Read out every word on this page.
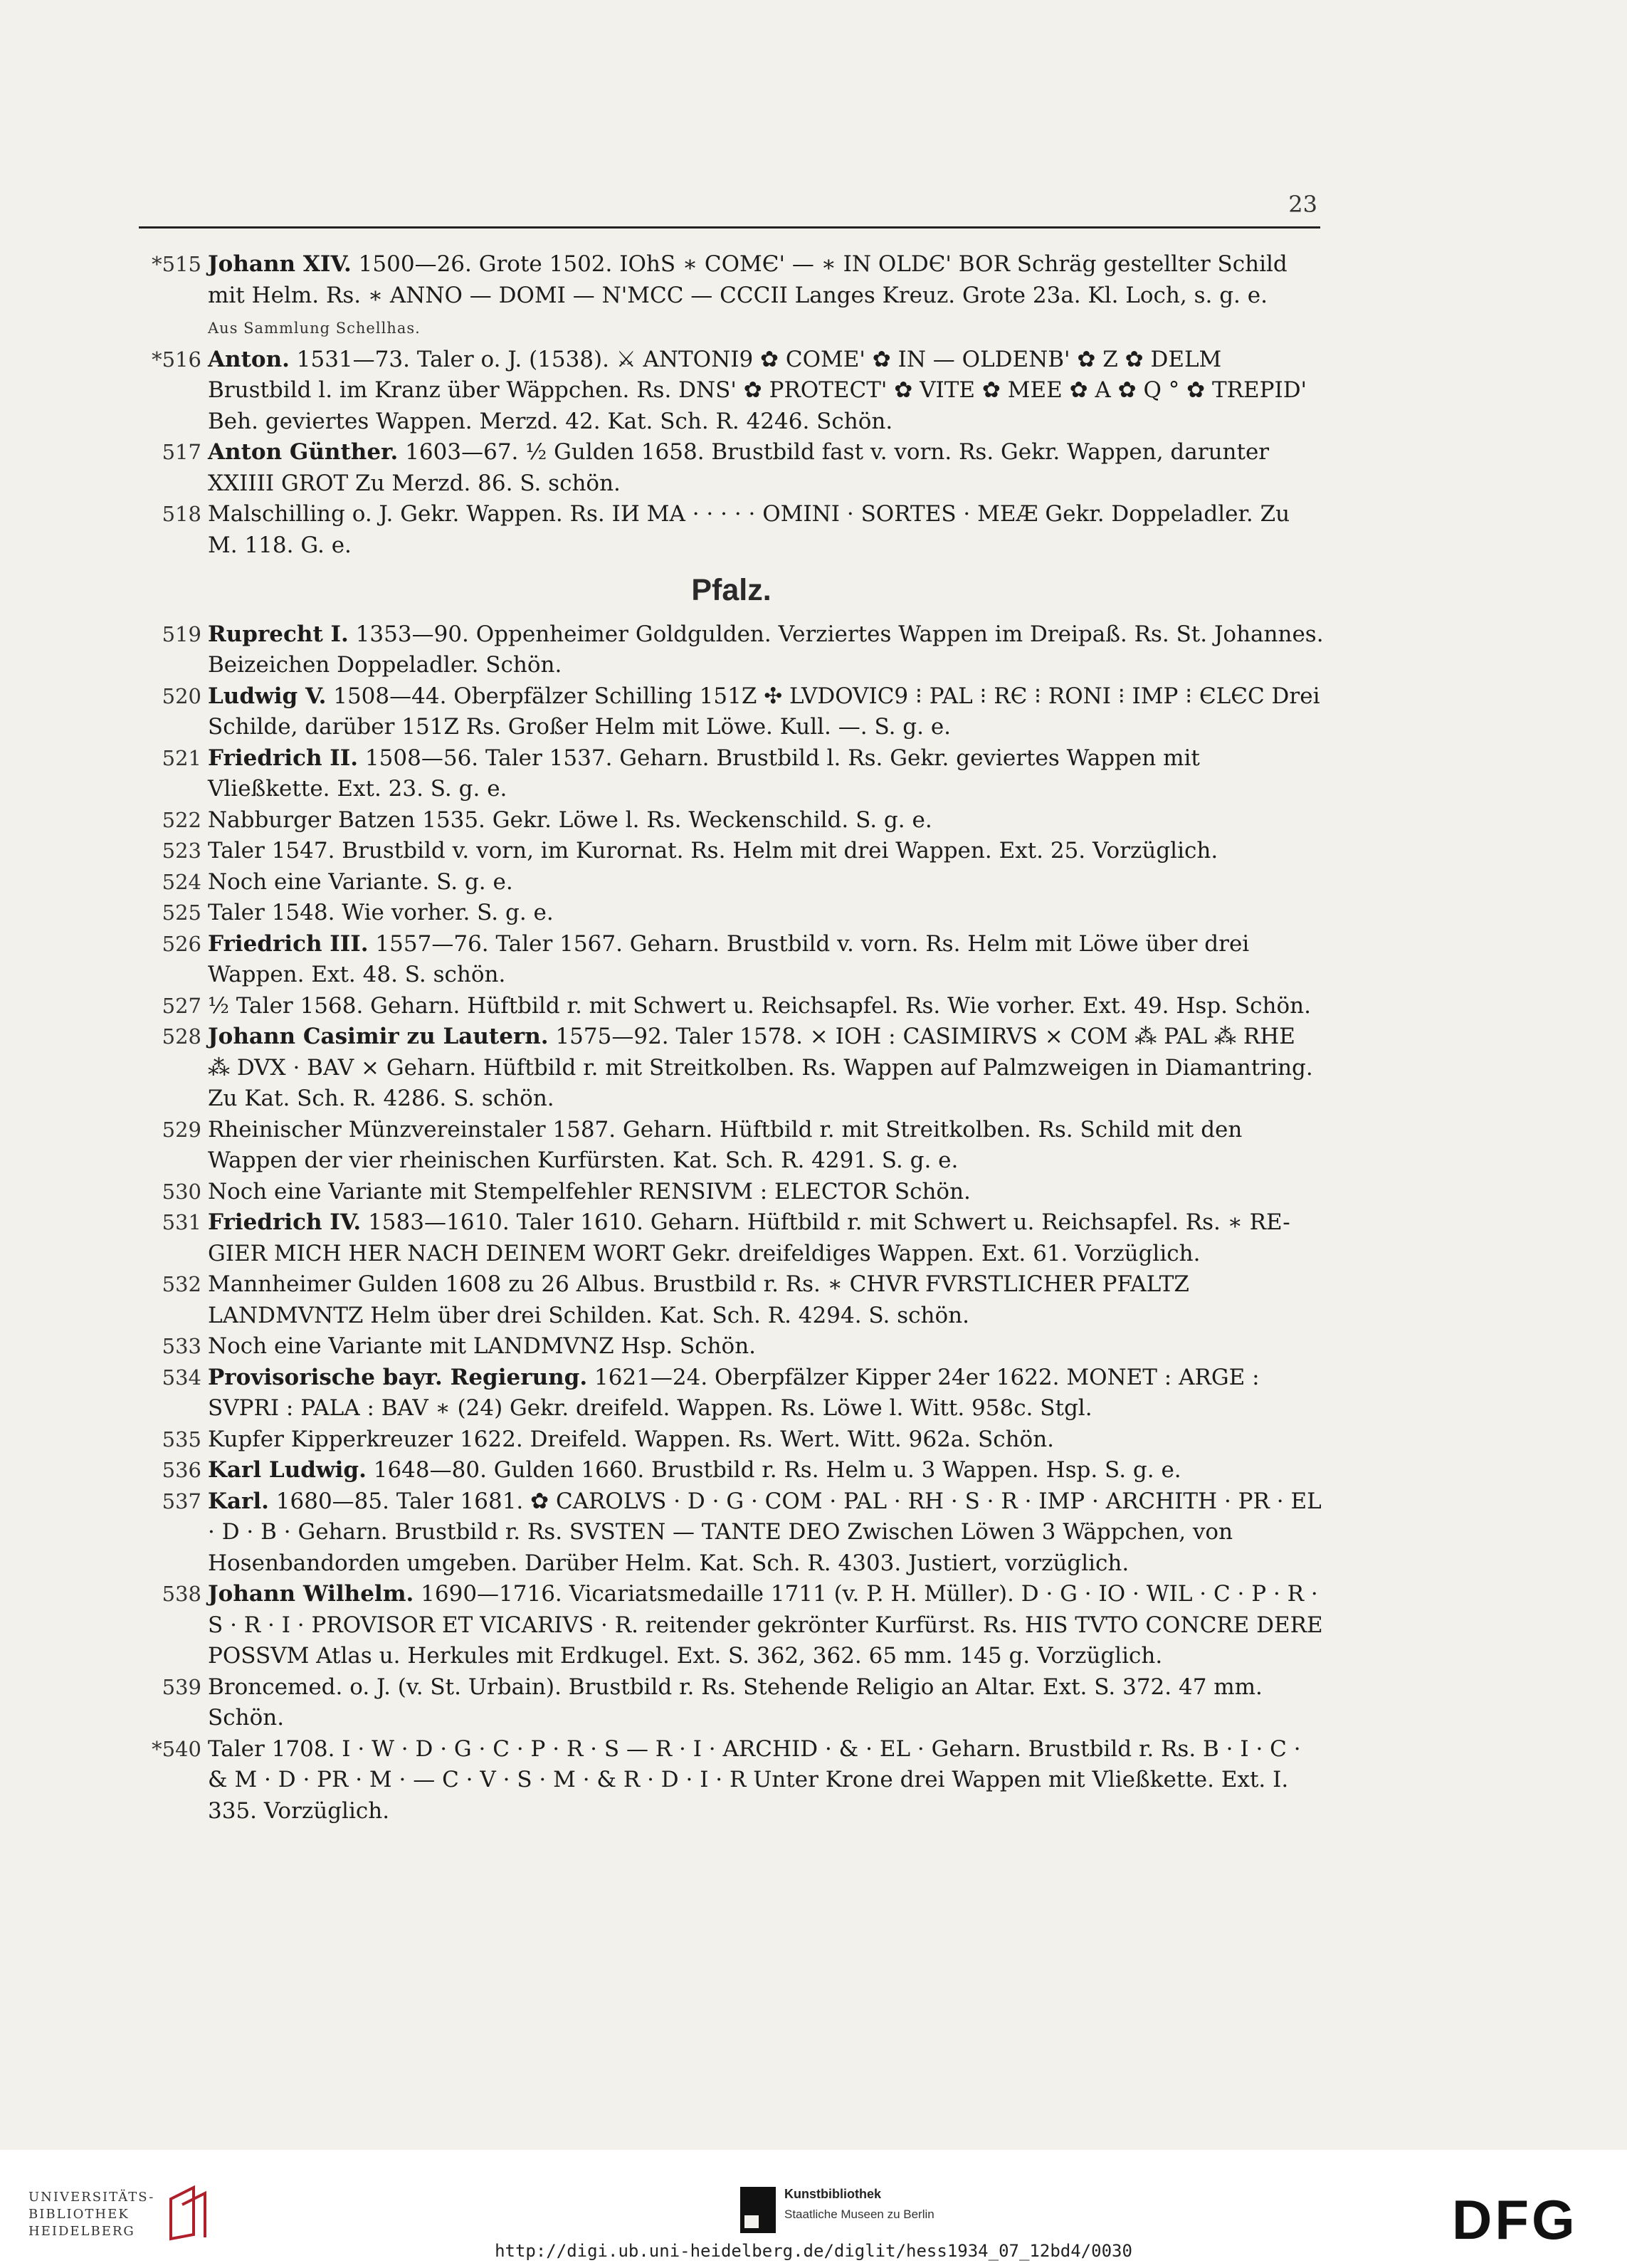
23
*515 Johann XIV. 1500—26. Grote 1502. IOhS ∗ COMЄ' — ∗ IN OLDЄ' BOR Schräg gestellter Schild mit Helm. Rs. ∗ ANNO — DOMI — N'MCC — CCCII Langes Kreuz. Grote 23a. Kl. Loch, s. g. e.
Aus Sammlung Schellhas.
*516 Anton. 1531—73. Taler o. J. (1538). ⚔ ANTONI9 ✿ COME' ✿ IN — OLDENB' ✿ Z ✿ DELM Brustbild l. im Kranz über Wäppchen. Rs. DNS' ✿ PROTECT' ✿ VITE ✿ MEE ✿ A ✿ Q ° ✿ TREPID' Beh. geviertes Wappen. Merzd. 42. Kat. Sch. R. 4246. Schön.
517 Anton Günther. 1603—67. ½ Gulden 1658. Brustbild fast v. vorn. Rs. Gekr. Wappen, darunter XXIIII GROT Zu Merzd. 86. S. schön.
518 Malschilling o. J. Gekr. Wappen. Rs. IИ MA · · · · · OMINI · SORTES · MEÆ Gekr. Doppeladler. Zu M. 118. G. e.
Pfalz.
519 Ruprecht I. 1353—90. Oppenheimer Goldgulden. Verziertes Wappen im Dreipaß. Rs. St. Johannes. Beizeichen Doppeladler. Schön.
520 Ludwig V. 1508—44. Oberpfälzer Schilling 151Z ✣ LVDOVIC9 ⁝ PAL ⁝ RЄ ⁝ RONI ⁝ IMP ⁝ ЄLЄC Drei Schilde, darüber 151Z Rs. Großer Helm mit Löwe. Kull. —. S. g. e.
521 Friedrich II. 1508—56. Taler 1537. Geharn. Brustbild l. Rs. Gekr. geviertes Wappen mit Vließkette. Ext. 23. S. g. e.
522 Nabburger Batzen 1535. Gekr. Löwe l. Rs. Weckenschild. S. g. e.
523 Taler 1547. Brustbild v. vorn, im Kurornat. Rs. Helm mit drei Wappen. Ext. 25. Vorzüglich.
524 Noch eine Variante. S. g. e.
525 Taler 1548. Wie vorher. S. g. e.
526 Friedrich III. 1557—76. Taler 1567. Geharn. Brustbild v. vorn. Rs. Helm mit Löwe über drei Wappen. Ext. 48. S. schön.
527 ½ Taler 1568. Geharn. Hüftbild r. mit Schwert u. Reichsapfel. Rs. Wie vorher. Ext. 49. Hsp. Schön.
528 Johann Casimir zu Lautern. 1575—92. Taler 1578. × IOH : CASIMIRVS × COM ⁂ PAL ⁂ RHE ⁂ DVX · BAV × Geharn. Hüftbild r. mit Streitkolben. Rs. Wappen auf Palmzweigen in Diamantring. Zu Kat. Sch. R. 4286. S. schön.
529 Rheinischer Münzvereinstaler 1587. Geharn. Hüftbild r. mit Streitkolben. Rs. Schild mit den Wappen der vier rheinischen Kurfürsten. Kat. Sch. R. 4291. S. g. e.
530 Noch eine Variante mit Stempelfehler RENSIVM : ELECTOR Schön.
531 Friedrich IV. 1583—1610. Taler 1610. Geharn. Hüftbild r. mit Schwert u. Reichsapfel. Rs. ∗ RE-GIER MICH HER NACH DEINEM WORT Gekr. dreifeldiges Wappen. Ext. 61. Vorzüglich.
532 Mannheimer Gulden 1608 zu 26 Albus. Brustbild r. Rs. ∗ CHVR FVRSTLICHER PFALTZ LANDMVNTZ Helm über drei Schilden. Kat. Sch. R. 4294. S. schön.
533 Noch eine Variante mit LANDMVNZ Hsp. Schön.
534 Provisorische bayr. Regierung. 1621—24. Oberpfälzer Kipper 24er 1622. MONET : ARGE : SVPRI : PALA : BAV ∗ (24) Gekr. dreifeld. Wappen. Rs. Löwe l. Witt. 958c. Stgl.
535 Kupfer Kipperkreuzer 1622. Dreifeld. Wappen. Rs. Wert. Witt. 962a. Schön.
536 Karl Ludwig. 1648—80. Gulden 1660. Brustbild r. Rs. Helm u. 3 Wappen. Hsp. S. g. e.
537 Karl. 1680—85. Taler 1681. ✿ CAROLVS · D · G · COM · PAL · RH · S · R · IMP · ARCHITH · PR · EL · D · B · Geharn. Brustbild r. Rs. SVSTEN — TANTE DEO Zwischen Löwen 3 Wäppchen, von Hosenbandorden umgeben. Darüber Helm. Kat. Sch. R. 4303. Justiert, vorzüglich.
538 Johann Wilhelm. 1690—1716. Vicariatsmedaille 1711 (v. P. H. Müller). D · G · IO · WIL · C · P · R · S · R · I · PROVISOR ET VICARIVS · R. reitender gekrönter Kurfürst. Rs. HIS TVTO CONCRE DERE POSSVM Atlas u. Herkules mit Erdkugel. Ext. S. 362, 362. 65 mm. 145 g. Vorzüglich.
539 Broncemed. o. J. (v. St. Urbain). Brustbild r. Rs. Stehende Religio an Altar. Ext. S. 372. 47 mm. Schön.
*540 Taler 1708. I · W · D · G · C · P · R · S — R · I · ARCHID · & · EL · Geharn. Brustbild r. Rs. B · I · C · & M · D · PR · M · — C · V · S · M · & R · D · I · R Unter Krone drei Wappen mit Vließkette. Ext. I. 335. Vorzüglich.
UNIVERSITÄTS-
BIBLIOTHEK
HEIDELBERG
Kunstbibliothek
Staatliche Museen zu Berlin	DFG
http://digi.ub.uni-heidelberg.de/diglit/hess1934_07_12bd4/0030
